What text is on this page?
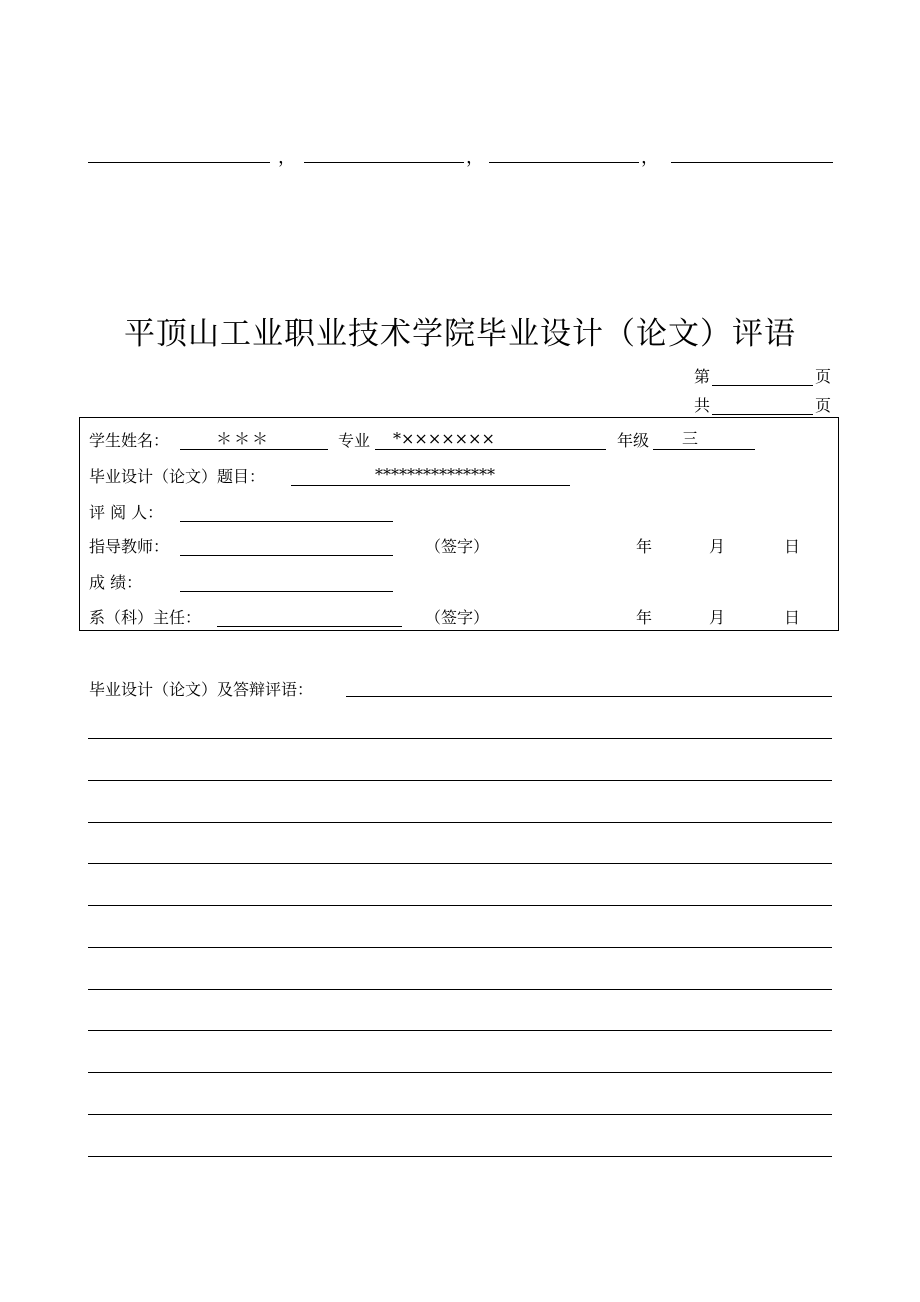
，	，	，
平顶山工业职业技术学院毕业设计（论文）评语
第	页
共	页
学生姓名：	＊＊＊	专业	*×××××××	年级	三
毕业设计（论文）题目：	***************
评 阅 人：
指导教师：	（签字）	年	月	日
成 绩：
系（科）主任：	（签字）	年	月	日
毕业设计（论文）及答辩评语：
